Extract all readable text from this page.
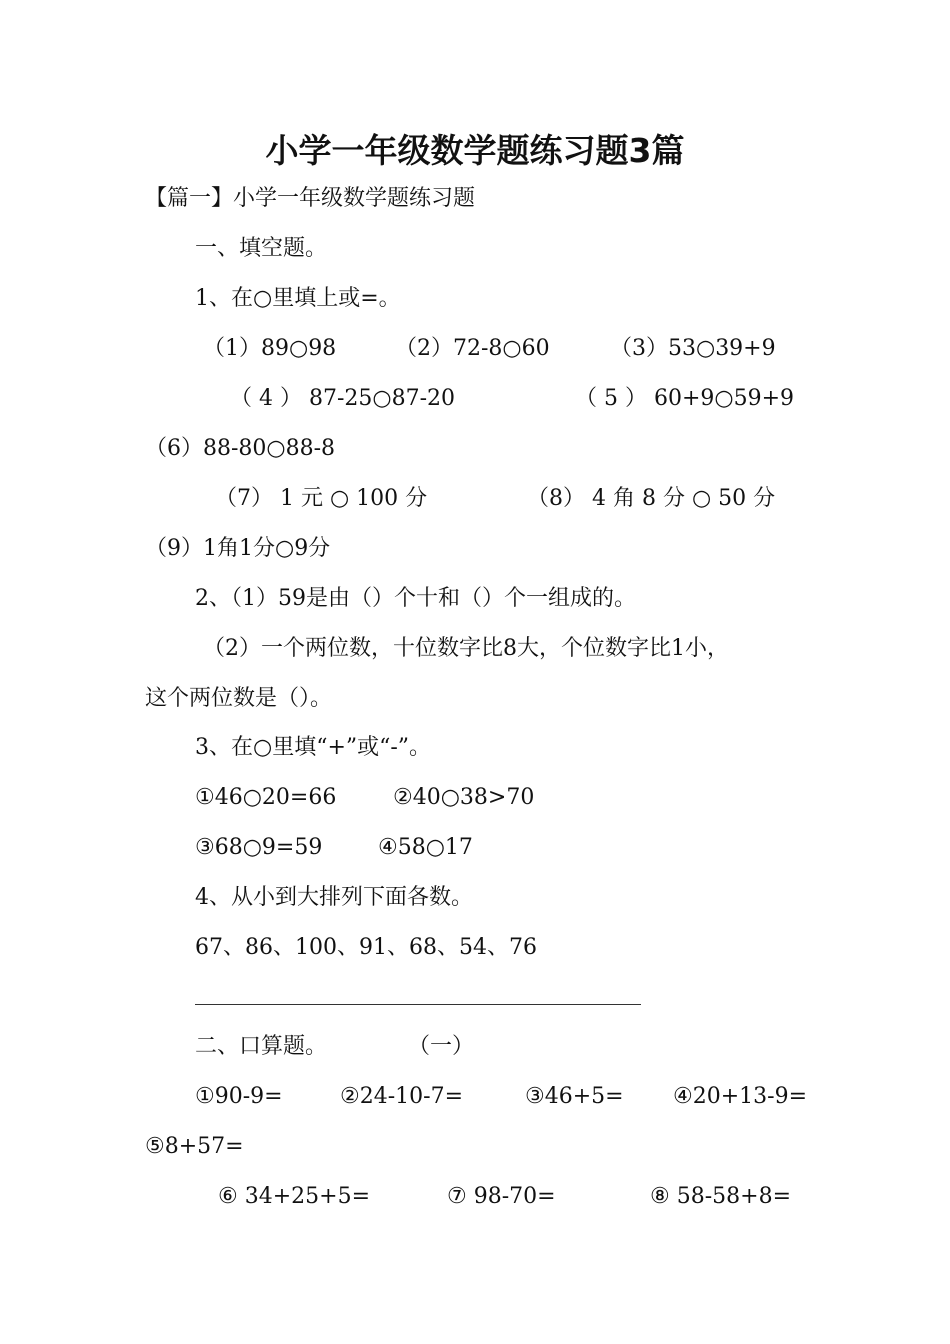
小学一年级数学题练习题3篇
【篇一】小学一年级数学题练习题
一、填空题。
1、在○里填上或=。
（1）89○98	（2）72-8○60	（3）53○39+9
（ 4 ） 87-25○87-20	（ 5 ） 60+9○59+9
（6）88-80○88-8
（7） 1 元 ○ 100 分	（8） 4 角 8 分 ○ 50 分
（9）1角1分○9分
2、（1）59是由（）个十和（）个一组成的。
（2）一个两位数，十位数字比8大，个位数字比1小，
这个两位数是（）。
3、在○里填“+”或“-”。
①46○20=66	②40○38>70
③68○9=59	④58○17
4、从小到大排列下面各数。
67、86、100、91、68、54、76
二、口算题。	（一）
①90-9=	②24-10-7=	③46+5= ④20+13-9=
⑤8+57=
⑥ 34+25+5=	⑦ 98-70=	⑧ 58-58+8=
